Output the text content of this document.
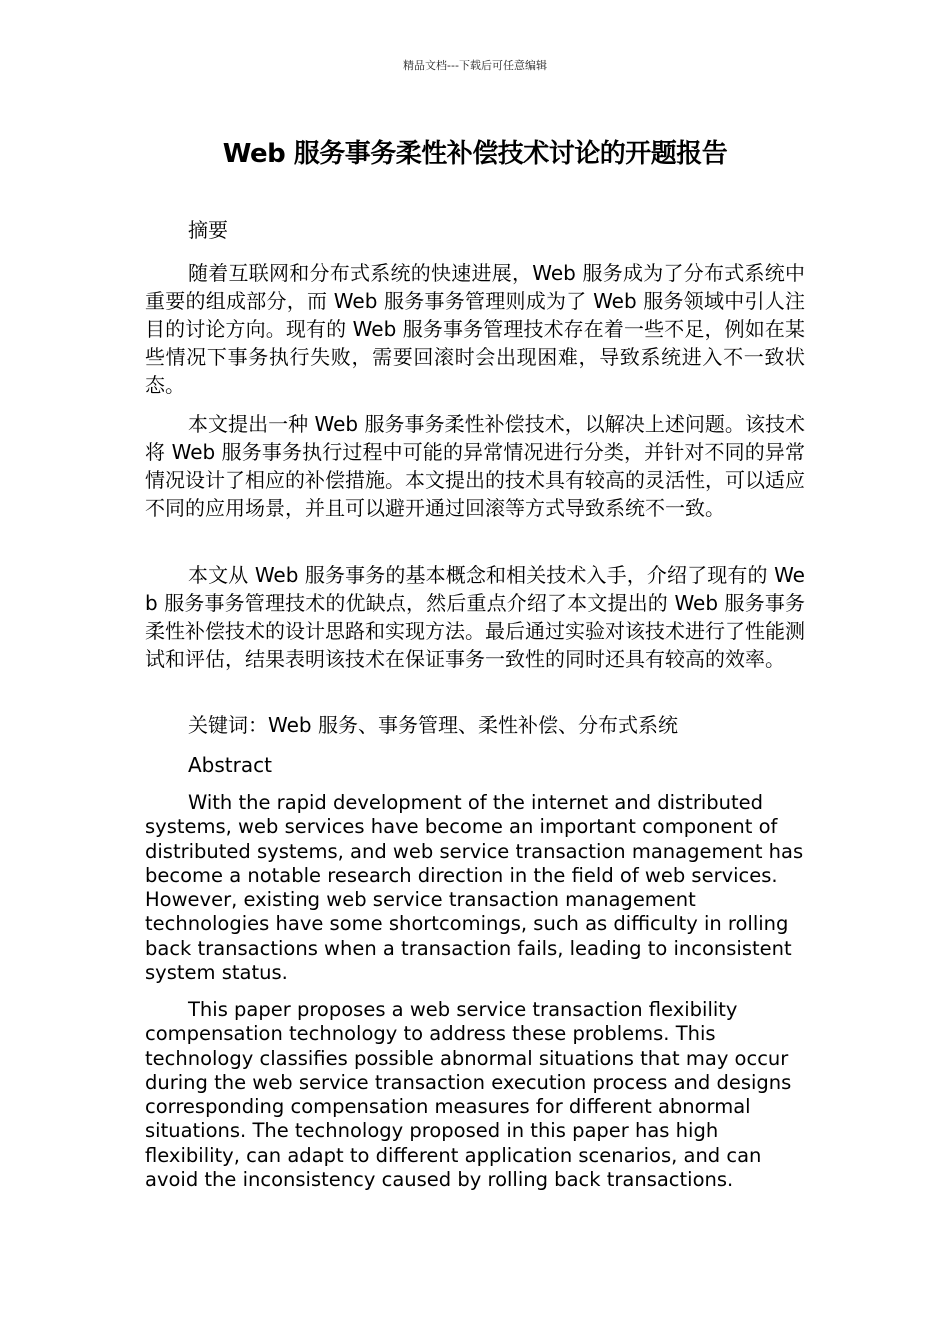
精品文档---下载后可任意编辑
Web 服务事务柔性补偿技术讨论的开题报告

摘要

随着互联网和分布式系统的快速进展，Web 服务成为了分布式系统中重要的组成部分，而 Web 服务事务管理则成为了 Web 服务领域中引人注目的讨论方向。现有的 Web 服务事务管理技术存在着一些不足，例如在某些情况下事务执行失败，需要回滚时会出现困难，导致系统进入不一致状态。

本文提出一种 Web 服务事务柔性补偿技术，以解决上述问题。该技术将 Web 服务事务执行过程中可能的异常情况进行分类，并针对不同的异常情况设计了相应的补偿措施。本文提出的技术具有较高的灵活性，可以适应不同的应用场景，并且可以避开通过回滚等方式导致系统不一致。

本文从 Web 服务事务的基本概念和相关技术入手，介绍了现有的 Web 服务事务管理技术的优缺点，然后重点介绍了本文提出的 Web 服务事务柔性补偿技术的设计思路和实现方法。最后通过实验对该技术进行了性能测试和评估，结果表明该技术在保证事务一致性的同时还具有较高的效率。

关键词：Web 服务、事务管理、柔性补偿、分布式系统

Abstract

With the rapid development of the internet and distributed systems, web services have become an important component of distributed systems, and web service transaction management has become a notable research direction in the field of web services. However, existing web service transaction management technologies have some shortcomings, such as difficulty in rolling back transactions when a transaction fails, leading to inconsistent system status.

This paper proposes a web service transaction flexibility compensation technology to address these problems. This technology classifies possible abnormal situations that may occur during the web service transaction execution process and designs corresponding compensation measures for different abnormal situations. The technology proposed in this paper has high flexibility, can adapt to different application scenarios, and can avoid the inconsistency caused by rolling back transactions.
